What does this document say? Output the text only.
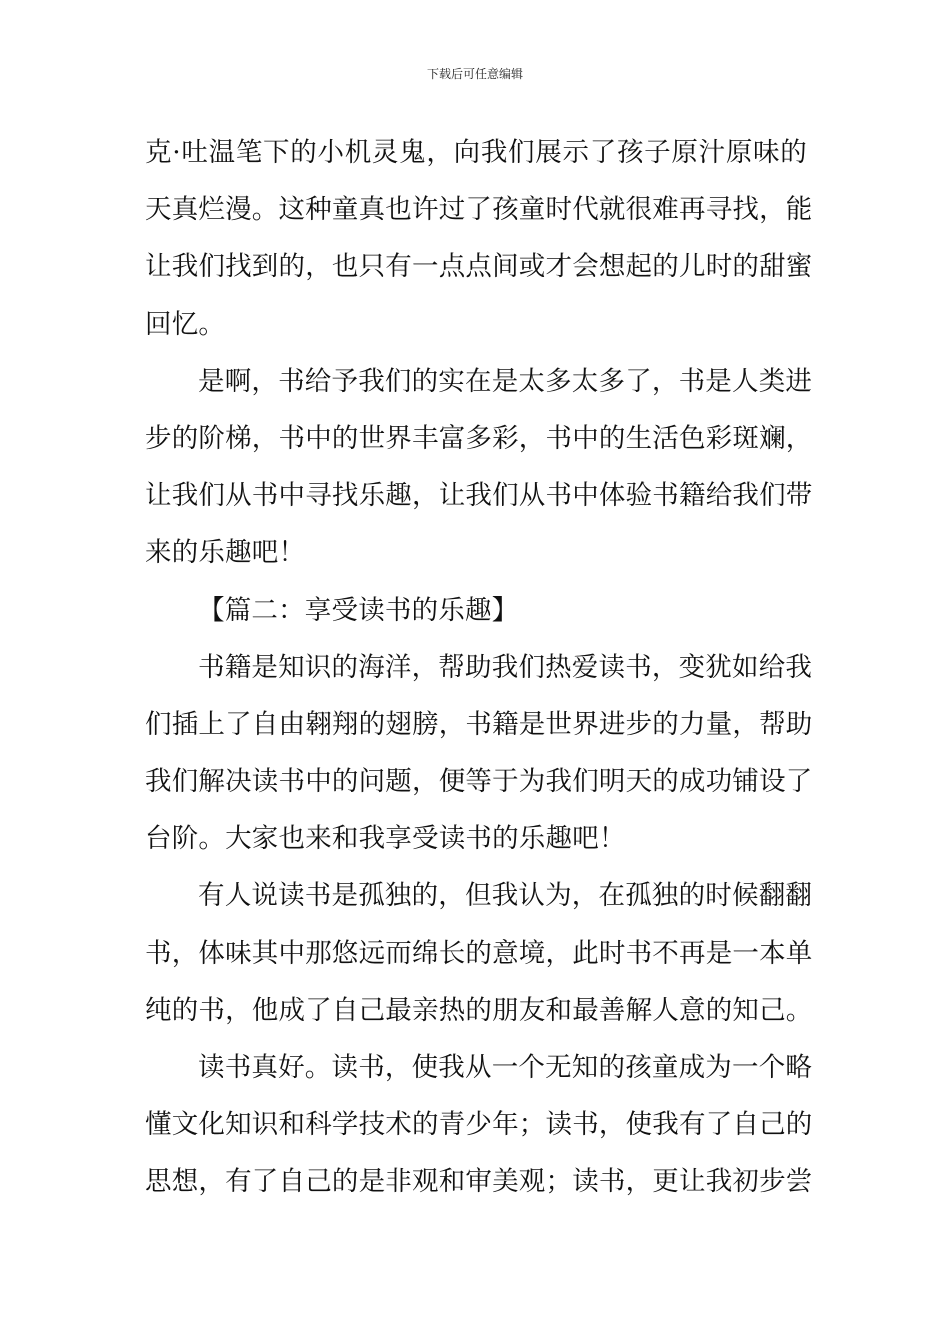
下载后可任意编辑
克·吐温笔下的小机灵鬼，向我们展示了孩子原汁原味的
天真烂漫。这种童真也许过了孩童时代就很难再寻找，能
让我们找到的，也只有一点点间或才会想起的儿时的甜蜜
回忆。
是啊，书给予我们的实在是太多太多了，书是人类进
步的阶梯，书中的世界丰富多彩，书中的生活色彩斑斓，
让我们从书中寻找乐趣，让我们从书中体验书籍给我们带
来的乐趣吧！
【篇二：享受读书的乐趣】
书籍是知识的海洋，帮助我们热爱读书，变犹如给我
们插上了自由翱翔的翅膀，书籍是世界进步的力量，帮助
我们解决读书中的问题，便等于为我们明天的成功铺设了
台阶。大家也来和我享受读书的乐趣吧！
有人说读书是孤独的，但我认为，在孤独的时候翻翻
书，体味其中那悠远而绵长的意境，此时书不再是一本单
纯的书，他成了自己最亲热的朋友和最善解人意的知己。
读书真好。读书，使我从一个无知的孩童成为一个略
懂文化知识和科学技术的青少年；读书，使我有了自己的
思想，有了自己的是非观和审美观；读书，更让我初步尝
